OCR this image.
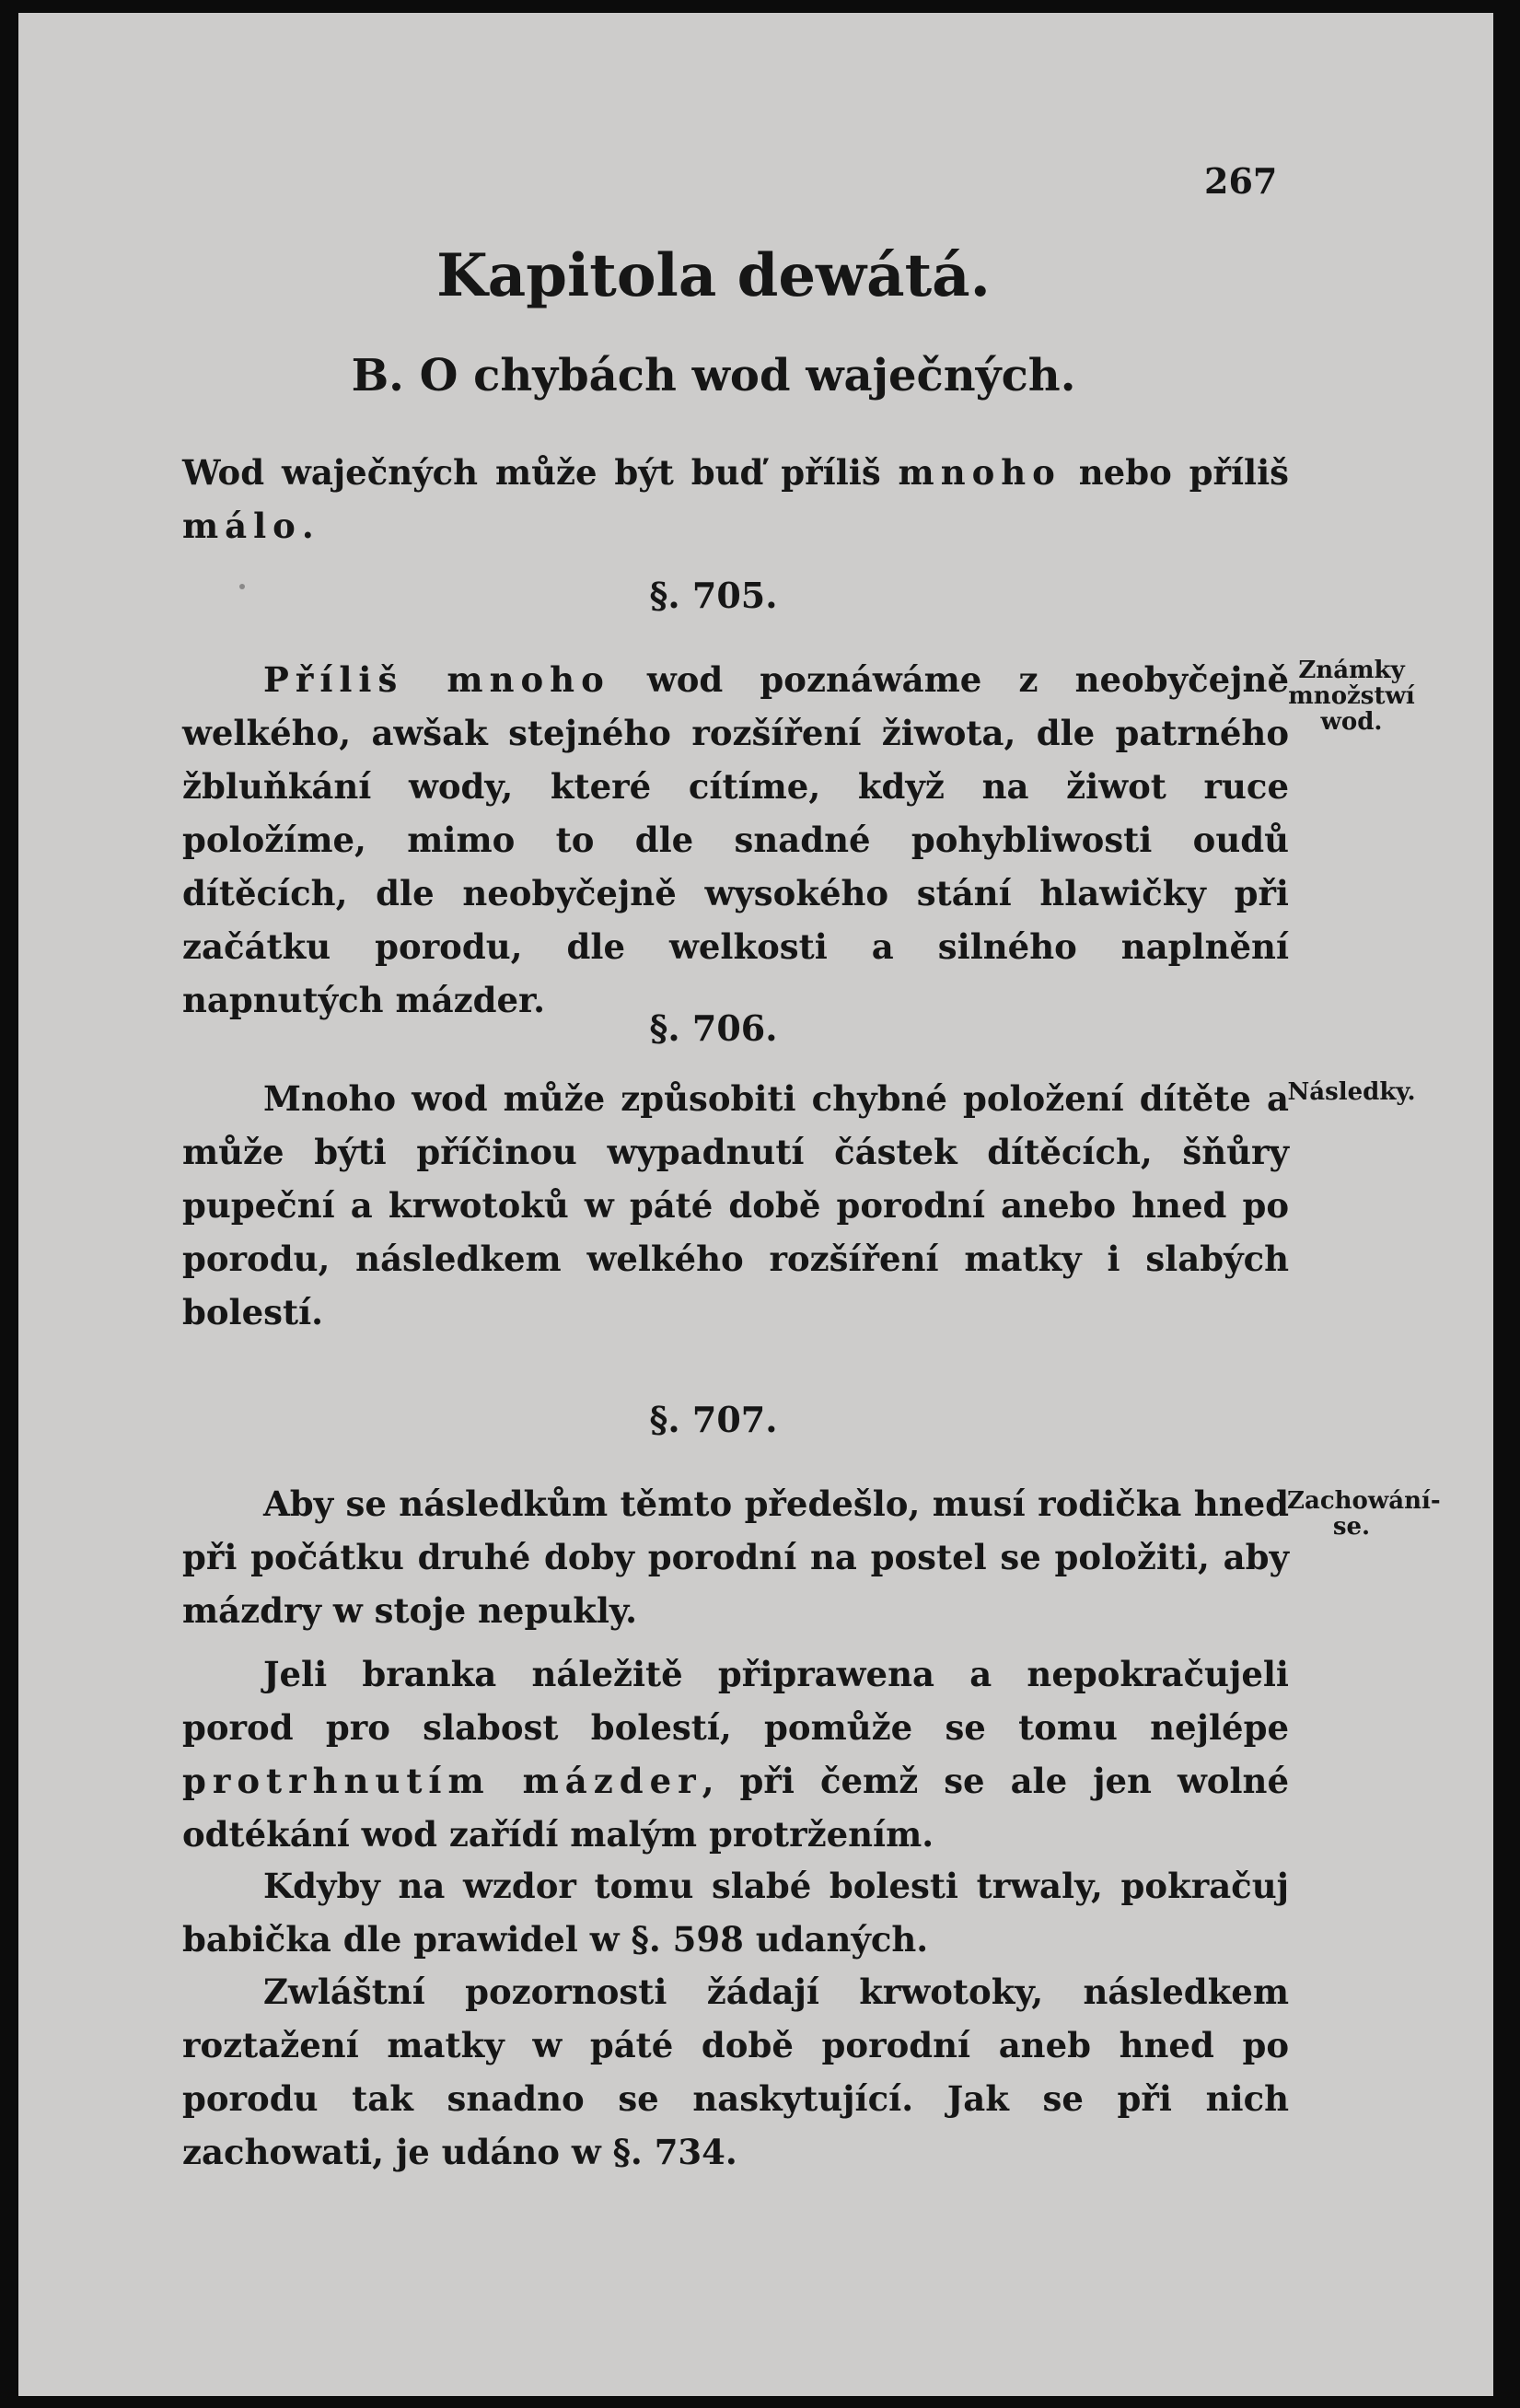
267
Kapitola dewátá.
B. O chybách wod waječných.

Wod waječných může být buď příliš mnoho nebo příliš málo.

§. 705.

Příliš mnoho wod poznáwáme z neobyčejně welkého, awšak stejného rozšíření žiwota, dle patrného žbluňkání wody, které cítíme, když na žiwot ruce položíme, mimo to dle snadné pohybliwosti oudů dítěcích, dle neobyčejně wysokého stání hlawičky při začátku porodu, dle welkosti a silného naplnění napnutých mázder.

Známky množstwí wod.
§. 706.

Mnoho wod může způsobiti chybné položení dítěte a může býti příčinou wypadnutí částek dítěcích, šňůry pupeční a krwotoků w páté době porodní anebo hned po porodu, následkem welkého rozšíření matky i slabých bolestí.

Následky.
§. 707.

Aby se následkům těmto předešlo, musí rodička hned při počátku druhé doby porodní na postel se položiti, aby mázdry w stoje nepukly.

Zachowání-se.

Jeli branka náležitě připrawena a nepokračujeli porod pro slabost bolestí, pomůže se tomu nejlépe protrhnutím mázder, při čemž se ale jen wolné odtékání wod zařídí malým protržením.

Kdyby na wzdor tomu slabé bolesti trwaly, pokračuj babička dle prawidel w §. 598 udaných.

Zwláštní pozornosti žádají krwotoky, následkem roztažení matky w páté době porodní aneb hned po porodu tak snadno se naskytující. Jak se při nich zachowati, je udáno w §. 734.
